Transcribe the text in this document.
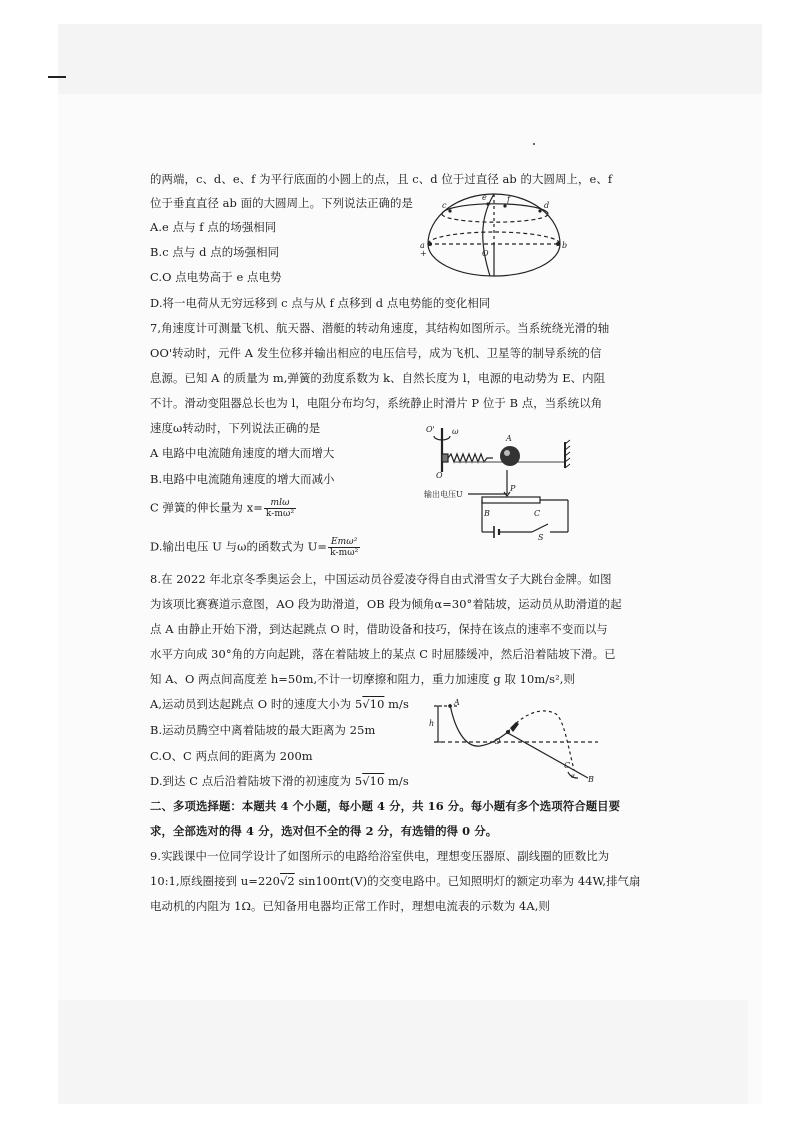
的两端，c、d、e、f 为平行底面的小圆上的点，且 c、d 位于过直径 ab 的大圆周上，e、f
位于垂直直径 ab 面的大圆周上。下列说法正确的是
A.e 点与 f 点的场强相同
B.c 点与 d 点的场强相同
C.O 点电势高于 e 点电势
D.将一电荷从无穷远移到 c 点与从 f 点移到 d 点电势能的变化相同
7,角速度计可测量飞机、航天器、潜艇的转动角速度，其结构如图所示。当系统绕光滑的轴
OO'转动时，元件 A 发生位移并输出相应的电压信号，成为飞机、卫星等的制导系统的信
息源。已知 A 的质量为 m,弹簧的劲度系数为 k、自然长度为 l，电源的电动势为 E、内阻
不计。滑动变阻器总长也为 l，电阻分布均匀，系统静止时滑片 P 位于 B 点，当系统以角
速度ω转动时，下列说法正确的是
A 电路中电流随角速度的增大而增大
B.电路中电流随角速度的增大而减小
C 弹簧的伸长量为 $x= \frac{\text{mlω}}{\text{k-mω²}}$
D.输出电压 U 与ω的函数式为 $U= \frac{\text{Emω²}}{\text{k-mω²}}$
8.在 2022 年北京冬季奥运会上，中国运动员谷爱凌夺得自由式滑雪女子大跳台金牌。如图
为该项比赛赛道示意图，AO 段为助滑道，OB 段为倾角α=30°着陆坡，运动员从助滑道的起
点 A 由静止开始下滑，到达起跳点 O 时，借助设备和技巧，保持在该点的速率不变而以与
水平方向成 30°角的方向起跳，落在着陆坡上的某点 C 时屈膝缓冲，然后沿着陆坡下滑。已
知 A、O 两点间高度差 h=50m,不计一切摩擦和阻力，重力加速度 g 取 10m/s²,则
A,运动员到达起跳点 O 时的速度大小为 5√10 m/s
B.运动员腾空中离着陆坡的最大距离为 25m
C.O、C 两点间的距离为 200m
D.到达 C 点后沿着陆坡下滑的初速度为 5√10 m/s
二、多项选择题：本题共 4 个小题，每小题 4 分，共 16 分。每小题有多个选项符合题目要
求，全部选对的得 4 分，选对但不全的得 2 分，有选错的得 0 分。
9.实践课中一位同学设计了如图所示的电路给浴室供电，理想变压器原、副线圈的匝数比为
10:1,原线圈接到 u=220√2 sin100πt(V)的交变电路中。已知照明灯的额定功率为 44W,排气扇
电动机的内阻为 1Ω。已知备用电器均正常工作时，理想电流表的示数为 4A,则
a	b
c	d
e	f
O
+
O' ω
A
O
P
B	C
S
输出电压U
h
A
O
C
B
α
